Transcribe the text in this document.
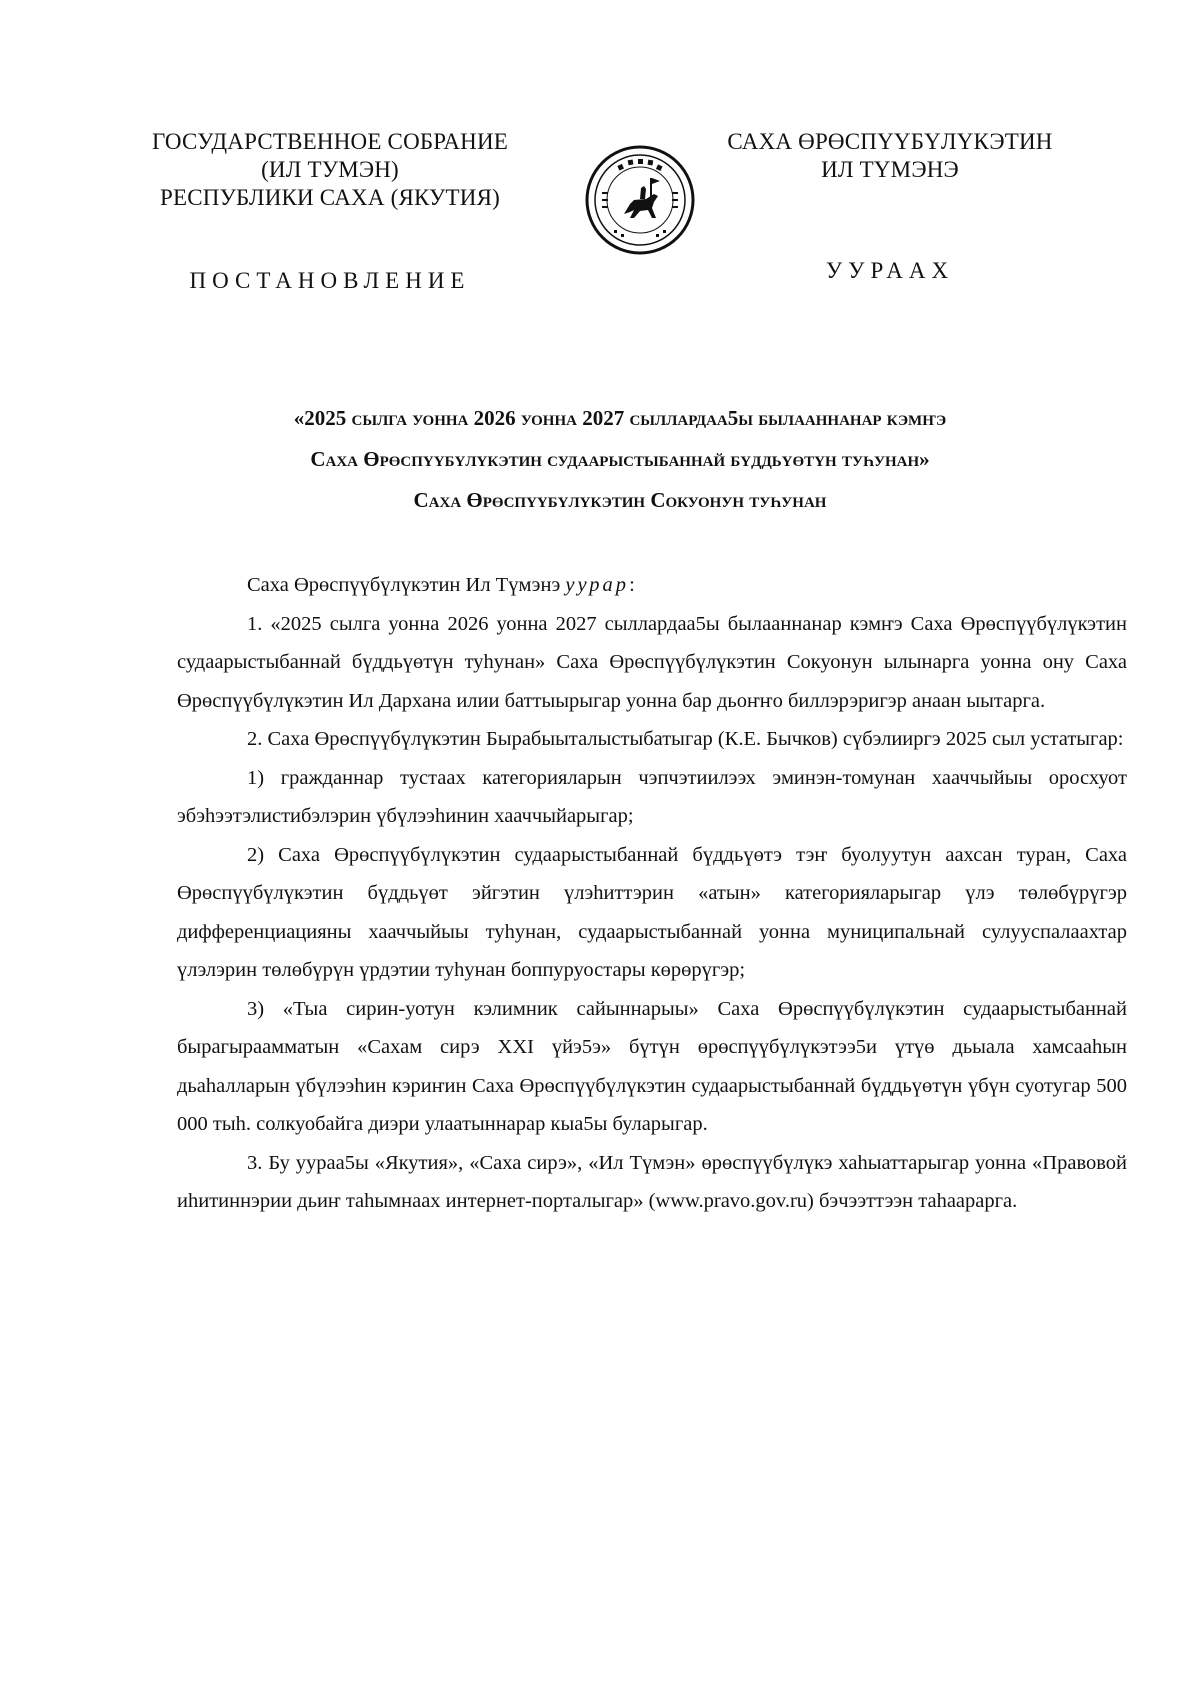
ГОСУДАРСТВЕННОЕ СОБРАНИЕ
(ИЛ ТУМЭН)
РЕСПУБЛИКИ САХА (ЯКУТИЯ)
САХА ӨРӨСПҮҮБҮЛҮКЭТИН
ИЛ ТҮМЭНЭ
ПОСТАНОВЛЕНИЕ	УУРААХ
«2025 сылга уонна 2026 уонна 2027 сыллардаа5ы былааннанар кэмҥэ
Саха Өрөспүүбүлүкэтин судаарыстыбаннай бүддьүөтүн туһунан»
Саха Өрөспүүбүлүкэтин Сокуонун туһунан

Саха Өрөспүүбүлүкэтин Ил Түмэнэ уурар:

1. «2025 сылга уонна 2026 уонна 2027 сыллардаа5ы былааннанар кэмҥэ Саха Өрөспүүбүлүкэтин судаарыстыбаннай бүддьүөтүн туһунан» Саха Өрөспүүбүлүкэтин Сокуонун ылынарга уонна ону Саха Өрөспүүбүлүкэтин Ил Дархана илии баттыырыгар уонна бар дьоҥҥо биллэрэригэр анаан ыытарга.

2. Саха Өрөспүүбүлүкэтин Бырабыыталыстыбатыгар (К.Е. Бычков) сүбэлииргэ 2025 сыл устатыгар:

1) гражданнар тустаах категорияларын чэпчэтиилээх эминэн-томунан хааччыйыы оросхуот эбэһээтэлистибэлэрин үбүлээһинин хааччыйарыгар;

2) Саха Өрөспүүбүлүкэтин судаарыстыбаннай бүддьүөтэ тэҥ буолуутун аахсан туран, Саха Өрөспүүбүлүкэтин бүддьүөт эйгэтин үлэһиттэрин «атын» категорияларыгар үлэ төлөбүрүгэр дифференциацияны хааччыйыы туһунан, судаарыстыбаннай уонна муниципальнай сулууспалаахтар үлэлэрин төлөбүрүн үрдэтии туһунан боппуруостары көрөрүгэр;

3) «Тыа сирин-уотун кэлимник сайыннарыы» Саха Өрөспүүбүлүкэтин судаарыстыбаннай бырагыраамматын «Сахам сирэ XXI үйэ5э» бүтүн өрөспүүбүлүкэтээ5и үтүө дьыала хамсааһын дьаһалларын үбүлээһин кэриҥин Саха Өрөспүүбүлүкэтин судаарыстыбаннай бүддьүөтүн үбүн суотугар 500 000 тыһ. солкуобайга диэри улаатыннарар кыа5ы буларыгар.

3. Бу уураа5ы «Якутия», «Саха сирэ», «Ил Түмэн» өрөспүүбүлүкэ хаһыаттарыгар уонна «Правовой иһитиннэрии дьиҥ таһымнаах интернет-порталыгар» (www.pravo.gov.ru) бэчээттээн таһаарарга.
